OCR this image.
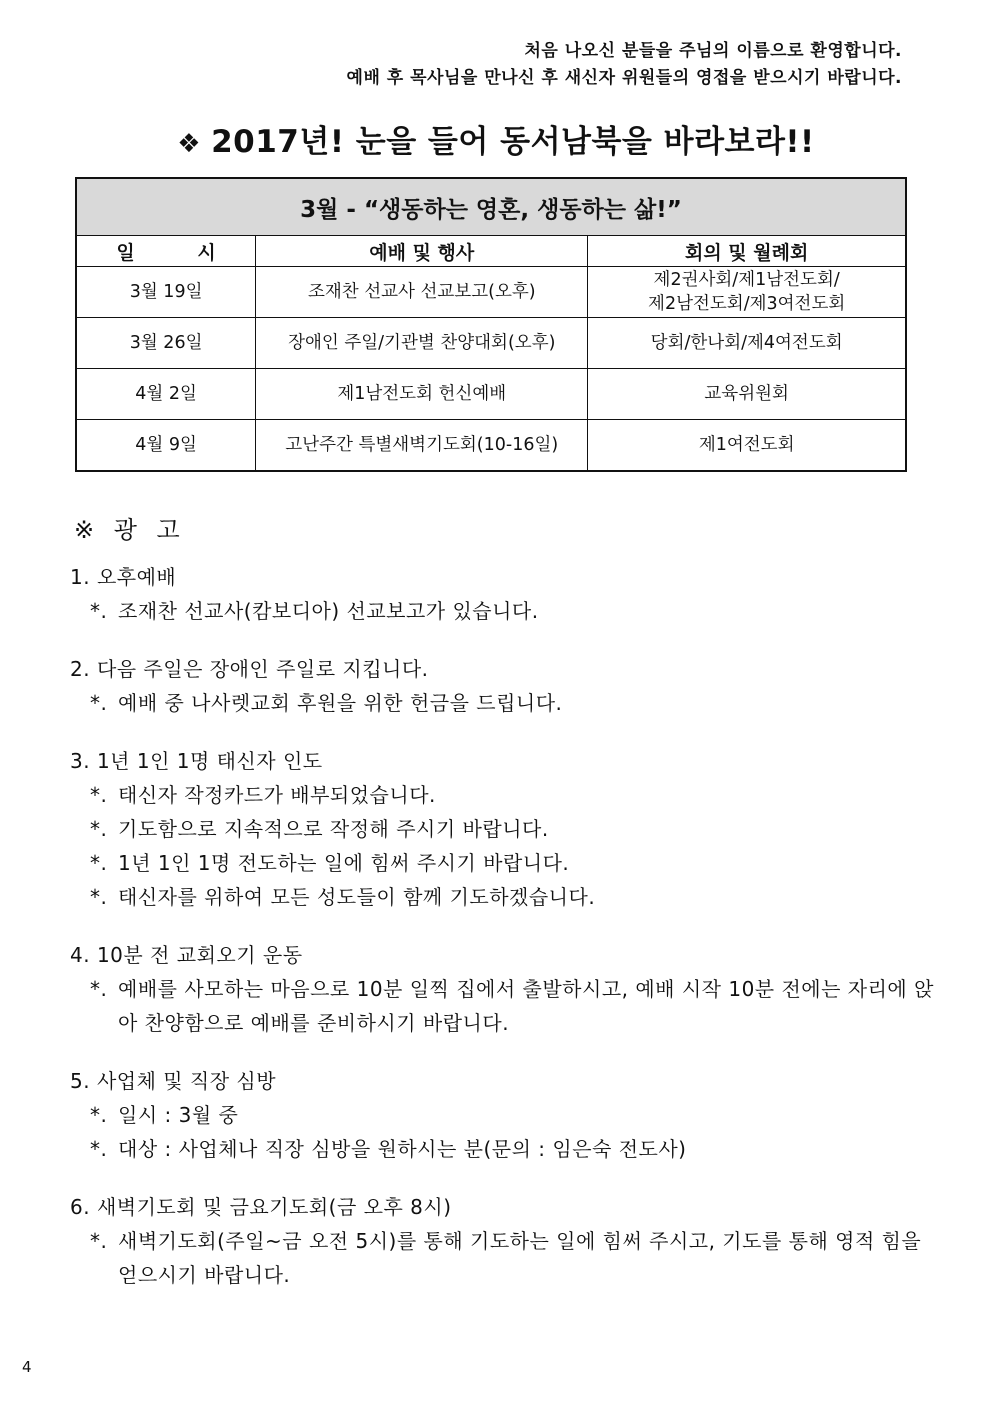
처음 나오신 분들을 주님의 이름으로 환영합니다.
예배 후 목사님을 만나신 후 새신자 위원들의 영접을 받으시기 바랍니다.
❖ 2017년! 눈을 들어 동서남북을 바라보라!!
3월 - “생동하는 영혼, 생동하는 삶!”		
일 시	예배 및 행사	회의 및 월례회
3월 19일	조재찬 선교사 선교보고(오후)	제2권사회/제1남전도회/
제2남전도회/제3여전도회

3월 26일	장애인 주일/기관별 찬양대회(오후)	당회/한나회/제4여전도회
4월 2일	제1남전도회 헌신예배	교육위원회
4월 9일	고난주간 특별새벽기도회(10-16일)	제1여전도회
※ 광 고
1. 오후예배
*. 조재찬 선교사(캄보디아) 선교보고가 있습니다.
2. 다음 주일은 장애인 주일로 지킵니다.
*. 예배 중 나사렛교회 후원을 위한 헌금을 드립니다.
3. 1년 1인 1명 태신자 인도
*. 태신자 작정카드가 배부되었습니다.
*. 기도함으로 지속적으로 작정해 주시기 바랍니다.
*. 1년 1인 1명 전도하는 일에 힘써 주시기 바랍니다.
*. 태신자를 위하여 모든 성도들이 함께 기도하겠습니다.
4. 10분 전 교회오기 운동
*. 예배를 사모하는 마음으로 10분 일찍 집에서 출발하시고, 예배 시작 10분 전에는 자리에 앉아 찬양함으로 예배를 준비하시기 바랍니다.
5. 사업체 및 직장 심방
*. 일시 : 3월 중
*. 대상 : 사업체나 직장 심방을 원하시는 분(문의 : 임은숙 전도사)
6. 새벽기도회 및 금요기도회(금 오후 8시)
*. 새벽기도회(주일~금 오전 5시)를 통해 기도하는 일에 힘써 주시고, 기도를 통해 영적 힘을 얻으시기 바랍니다.
4
